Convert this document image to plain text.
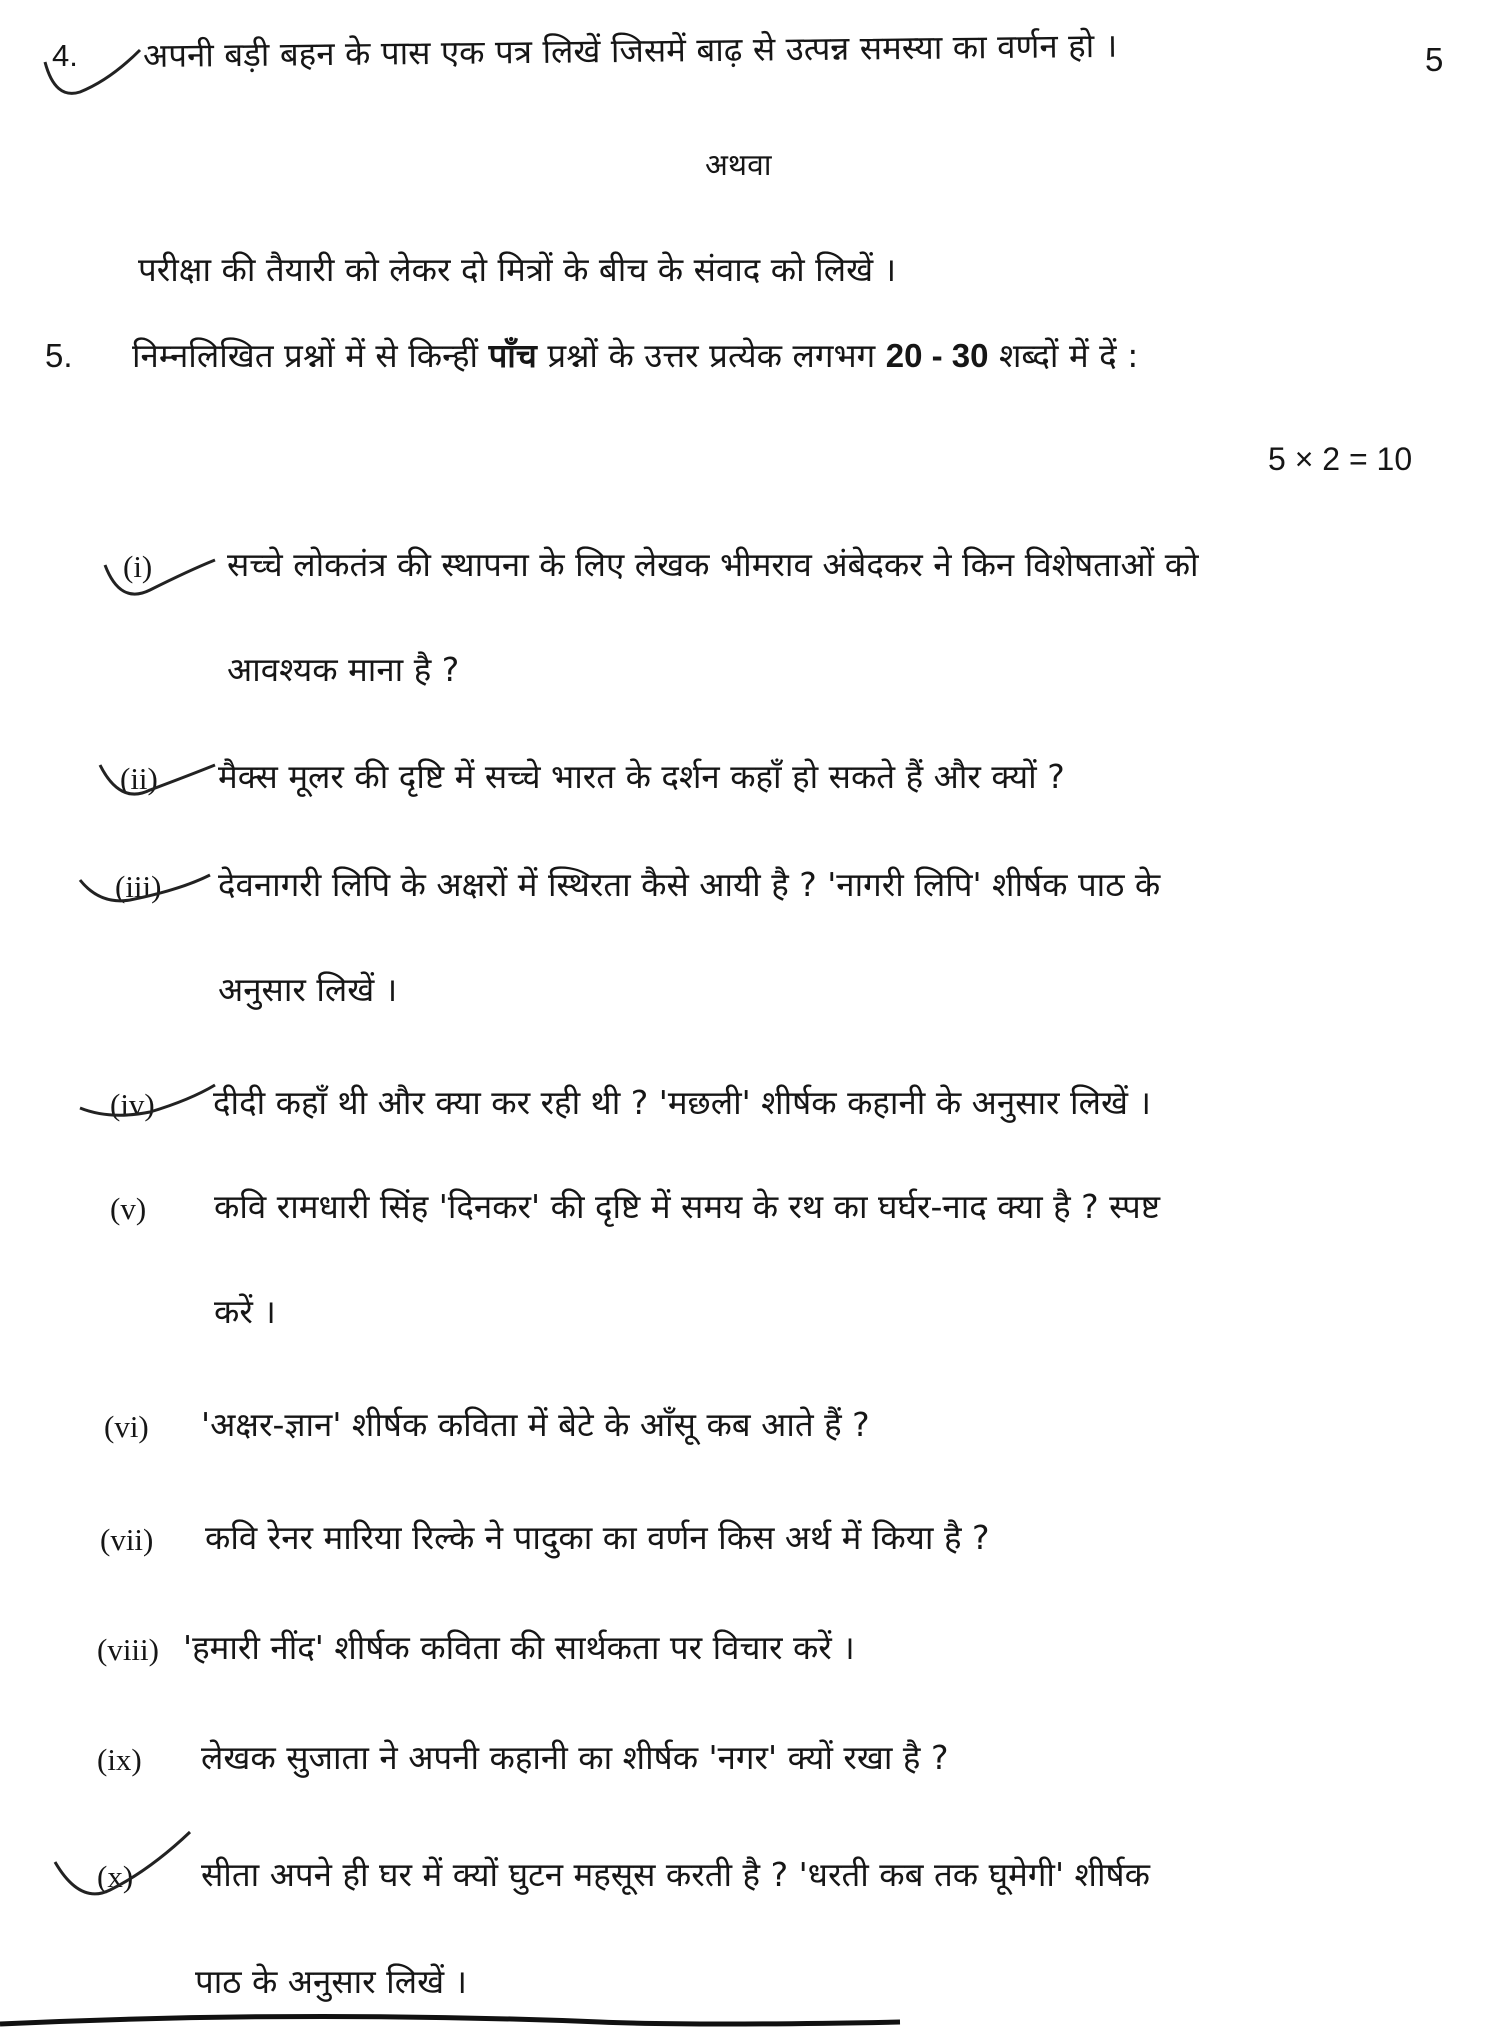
4. अपनी बड़ी बहन के पास एक पत्र लिखें जिसमें बाढ़ से उत्पन्न समस्या का वर्णन हो ।	5
अथवा
परीक्षा की तैयारी को लेकर दो मित्रों के बीच के संवाद को लिखें ।
5. निम्नलिखित प्रश्नों में से किन्हीं पाँच प्रश्नों के उत्तर प्रत्येक लगभग 20 - 30 शब्दों में दें :
5 × 2 = 10
(i) सच्चे लोकतंत्र की स्थापना के लिए लेखक भीमराव अंबेदकर ने किन विशेषताओं को
आवश्यक माना है ?
(ii) मैक्स मूलर की दृष्टि में सच्चे भारत के दर्शन कहाँ हो सकते हैं और क्यों ?
(iii) देवनागरी लिपि के अक्षरों में स्थिरता कैसे आयी है ? 'नागरी लिपि' शीर्षक पाठ के
अनुसार लिखें ।
(iv) दीदी कहाँ थी और क्या कर रही थी ? 'मछली' शीर्षक कहानी के अनुसार लिखें ।
(v) कवि रामधारी सिंह 'दिनकर' की दृष्टि में समय के रथ का घर्घर-नाद क्या है ? स्पष्ट
करें ।
(vi) 'अक्षर-ज्ञान' शीर्षक कविता में बेटे के आँसू कब आते हैं ?
(vii) कवि रेनर मारिया रिल्के ने पादुका का वर्णन किस अर्थ में किया है ?
(viii) 'हमारी नींद' शीर्षक कविता की सार्थकता पर विचार करें ।
(ix) लेखक सुजाता ने अपनी कहानी का शीर्षक 'नगर' क्यों रखा है ?
(x) सीता अपने ही घर में क्यों घुटन महसूस करती है ? 'धरती कब तक घूमेगी' शीर्षक
पाठ के अनुसार लिखें ।
